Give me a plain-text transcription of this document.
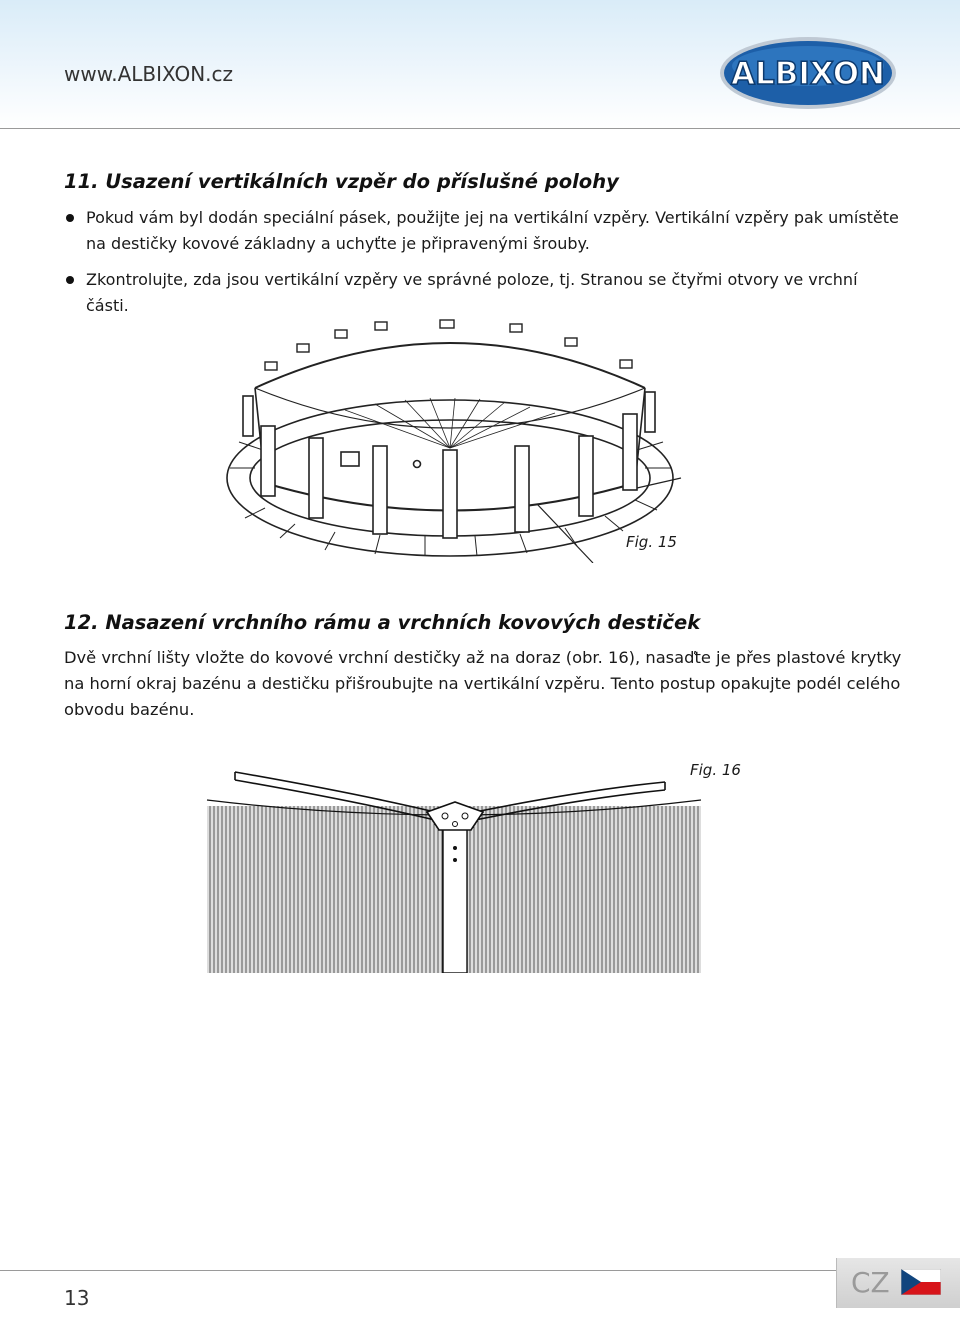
www.ALBIXON.cz	ALBIXON
11. Usazení vertikálních vzpěr do příslušné polohy
Pokud vám byl dodán speciální pásek, použijte jej na vertikální vzpěry. Vertikální vzpěry pak umístěte na destičky kovové základny a uchyťte je připravenými šrouby.
Zkontrolujte, zda jsou vertikální vzpěry ve správné poloze, tj. Stranou se čtyřmi otvory ve vrchní části.
Fig. 15
12. Nasazení vrchního rámu a vrchních kovových destiček

Dvě vrchní lišty vložte do kovové vrchní destičky až na doraz (obr. 16), nasaďte je přes plastové krytky na horní okraj bazénu a destičku přišroubujte na vertikální vzpěru. Tento postup opakujte podél celého obvodu bazénu.

Fig. 16
13	CZ
